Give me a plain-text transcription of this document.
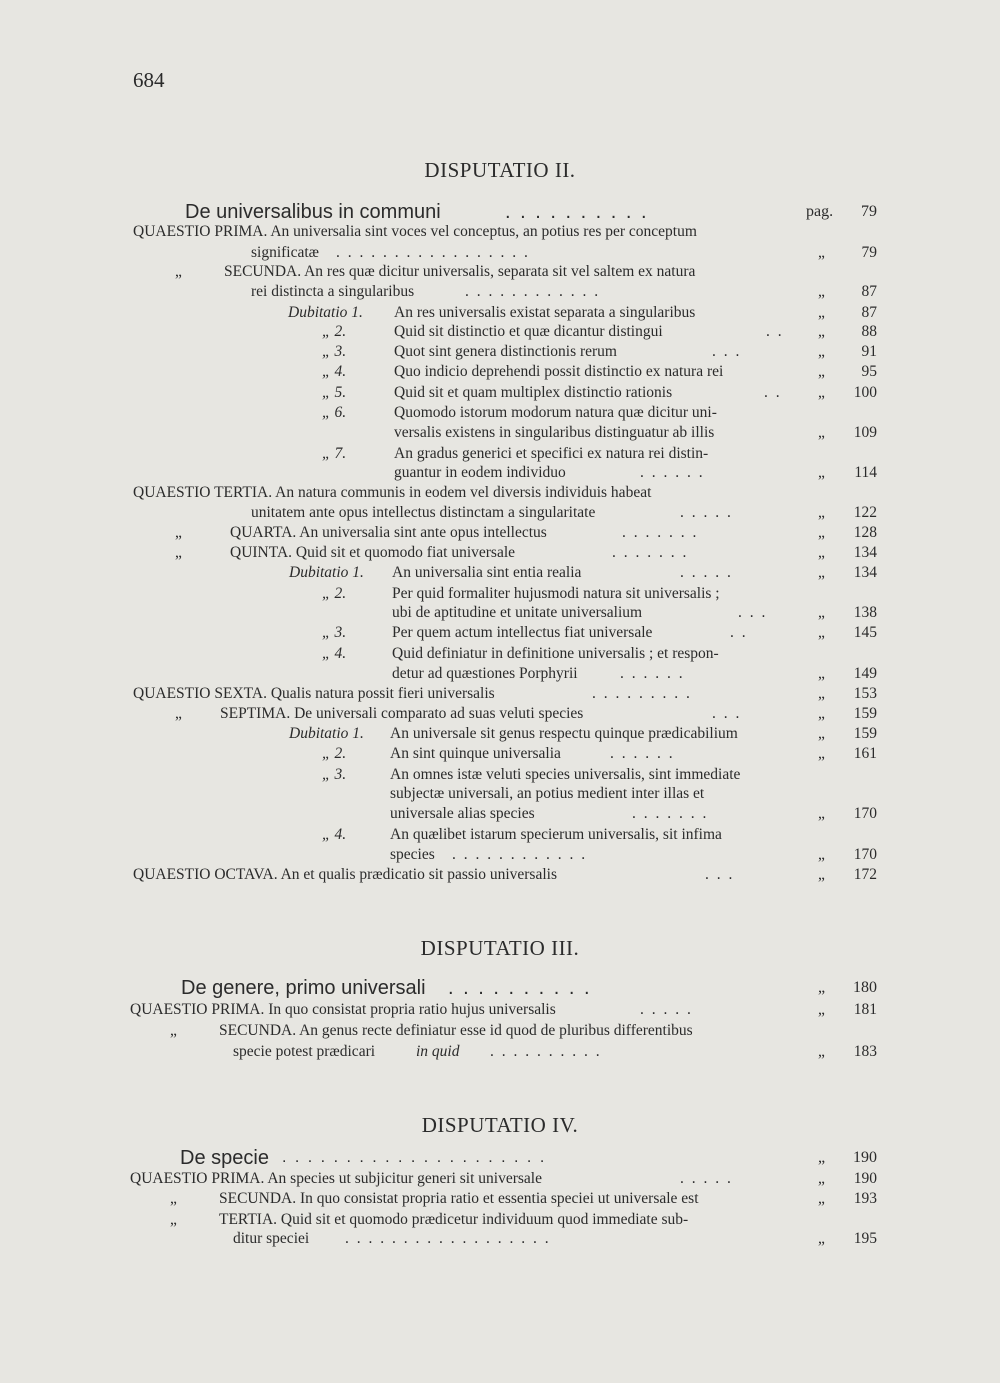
684
DISPUTATIO II.
De universalibus in communi	. . . . . . . . . .	pag. 79
QUAESTIO PRIMA. An universalia sint voces vel conceptus, an potius res per conceptum
significatæ . . . . . . . . . . . . . . . . .	„ 79
„	SECUNDA. An res quæ dicitur universalis, separata sit vel saltem ex natura
rei distincta a singularibus	. . . . . . . . . . . .	„ 87
Dubitatio 1. An res universalis existat separata a singularibus	„ 87
„ 2.	Quid sit distinctio et quæ dicantur distingui	. . „ 88
„ 3.	Quot sint genera distinctionis rerum	. . .	„ 91
„ 4.	Quo indicio deprehendi possit distinctio ex natura rei	„ 95
„ 5.	Quid sit et quam multiplex distinctio rationis	. . „ 100
„ 6.	Quomodo istorum modorum natura quæ dicitur uni-
versalis existens in singularibus distinguatur ab illis	„ 109
„ 7.	An gradus generici et specifici ex natura rei distin-
guantur in eodem individuo	. . . . . .	„ 114
QUAESTIO TERTIA. An natura communis in eodem vel diversis individuis habeat
unitatem ante opus intellectus distinctam a singularitate	. . . . .	„ 122
„	QUARTA. An universalia sint ante opus intellectus	. . . . . . .	„ 128
„	QUINTA. Quid sit et quomodo fiat universale	. . . . . . .	„ 134
Dubitatio 1. An universalia sint entia realia	. . . . .	„ 134
„ 2.	Per quid formaliter hujusmodi natura sit universalis ;
ubi de aptitudine et unitate universalium	. . .	„ 138
„ 3.	Per quem actum intellectus fiat universale	. .	„ 145
„ 4.	Quid definiatur in definitione universalis ; et respon-
detur ad quæstiones Porphyrii	. . . . . .	„ 149
QUAESTIO SEXTA. Qualis natura possit fieri universalis	. . . . . . . . .	„ 153
„ SEPTIMA. De universali comparato ad suas veluti species	. . .	„ 159
Dubitatio 1. An universale sit genus respectu quinque prædicabilium	„ 159
„ 2.	An sint quinque universalia	. . . . . .	„ 161
„ 3.	An omnes istæ veluti species universalis, sint immediate
subjectæ universali, an potius medient inter illas et
universale alias species	. . . . . . .	„ 170
„ 4.	An quælibet istarum specierum universalis, sit infima
species . . . . . . . . . . . .	„ 170
QUAESTIO OCTAVA. An et qualis prædicatio sit passio universalis	. . .	„ 172
DISPUTATIO III.
De genere, primo universali . . . . . . . . . .	„ 180
QUAESTIO PRIMA. In quo consistat propria ratio hujus universalis	. . . . .	„ 181
„	SECUNDA. An genus recte definiatur esse id quod de pluribus differentibus
specie potest prædicari	in quid . . . . . . . . . .	„ 183
DISPUTATIO IV.
De specie . . . . . . . . . . . . . . . . . . . . .	„ 190
QUAESTIO PRIMA. An species ut subjicitur generi sit universale	. . . . .	„ 190
„	SECUNDA. In quo consistat propria ratio et essentia speciei ut universale est	„ 193
„	TERTIA. Quid sit et quomodo prædicetur individuum quod immediate sub-
ditur speciei . . . . . . . . . . . . . . . . . .	„ 195
